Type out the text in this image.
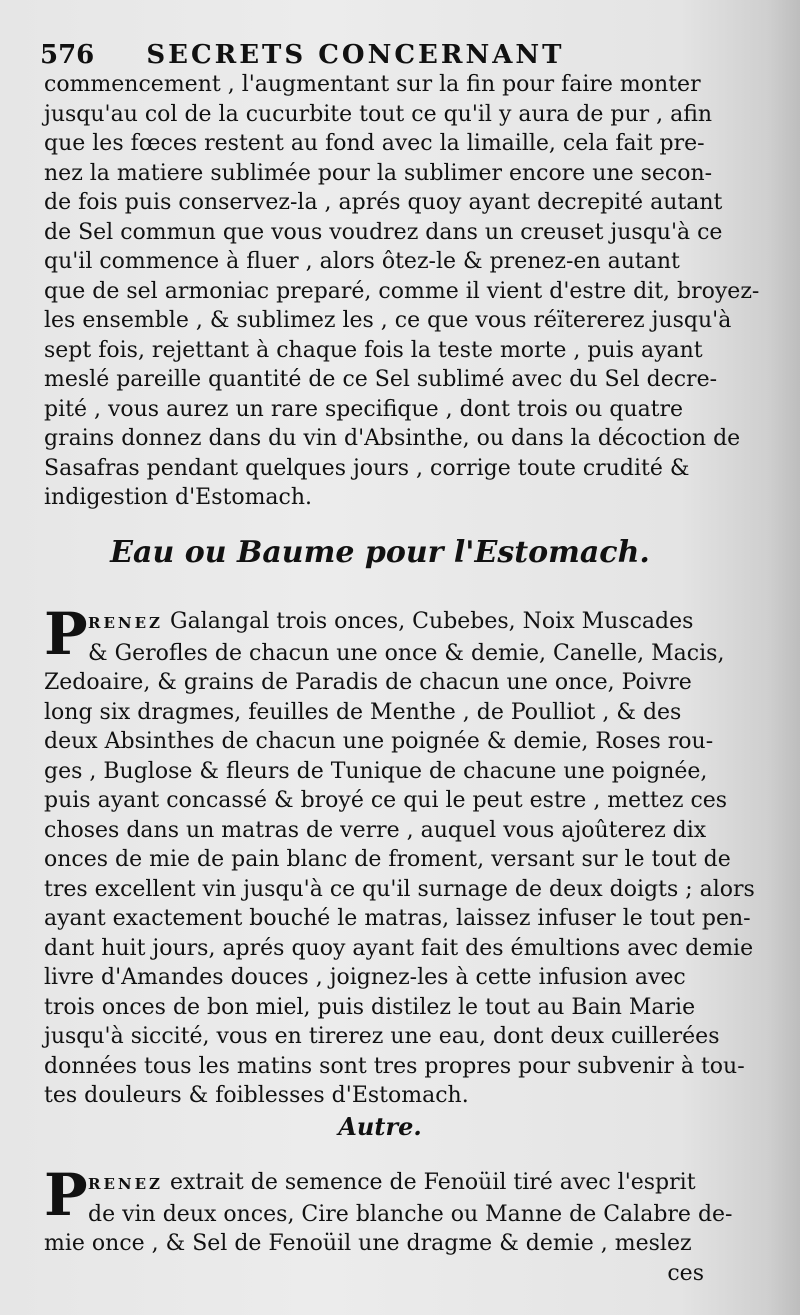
576 SECRETS CONCERNANT
commencement , l'augmentant sur la fin pour faire monter
jusqu'au col de la cucurbite tout ce qu'il y aura de pur , afin
que les fœces restent au fond avec la limaille, cela fait pre-
nez la matiere sublimée pour la sublimer encore une secon-
de fois puis conservez-la , aprés quoy ayant decrepité autant
de Sel commun que vous voudrez dans un creuset jusqu'à ce
qu'il commence à fluer , alors ôtez-le & prenez-en autant
que de sel armoniac preparé, comme il vient d'estre dit, broyez-
les ensemble , & sublimez les , ce que vous réïtererez jusqu'à
sept fois, rejettant à chaque fois la teste morte , puis ayant
meslé pareille quantité de ce Sel sublimé avec du Sel decre-
pité , vous aurez un rare specifique , dont trois ou quatre
grains donnez dans du vin d'Absinthe, ou dans la décoction de
Sasafras pendant quelques jours , corrige toute crudité &
indigestion d'Estomach.
Eau ou Baume pour l'Estomach.
P RENEZ Galangal trois onces, Cubebes, Noix Muscades
& Gerofles de chacun une once & demie, Canelle, Macis,
Zedoaire, & grains de Paradis de chacun une once, Poivre
long six dragmes, feuilles de Menthe , de Poulliot , & des
deux Absinthes de chacun une poignée & demie, Roses rou-
ges , Buglose & fleurs de Tunique de chacune une poignée,
puis ayant concassé & broyé ce qui le peut estre , mettez ces
choses dans un matras de verre , auquel vous ajoûterez dix
onces de mie de pain blanc de froment, versant sur le tout de
tres excellent vin jusqu'à ce qu'il surnage de deux doigts ; alors
ayant exactement bouché le matras, laissez infuser le tout pen-
dant huit jours, aprés quoy ayant fait des émultions avec demie
livre d'Amandes douces , joignez-les à cette infusion avec
trois onces de bon miel, puis distilez le tout au Bain Marie
jusqu'à siccité, vous en tirerez une eau, dont deux cuillerées
données tous les matins sont tres propres pour subvenir à tou-
tes douleurs & foiblesses d'Estomach.
Autre.
P RENEZ extrait de semence de Fenoüil tiré avec l'esprit
de vin deux onces, Cire blanche ou Manne de Calabre de-
mie once , & Sel de Fenoüil une dragme & demie , meslez
ces
